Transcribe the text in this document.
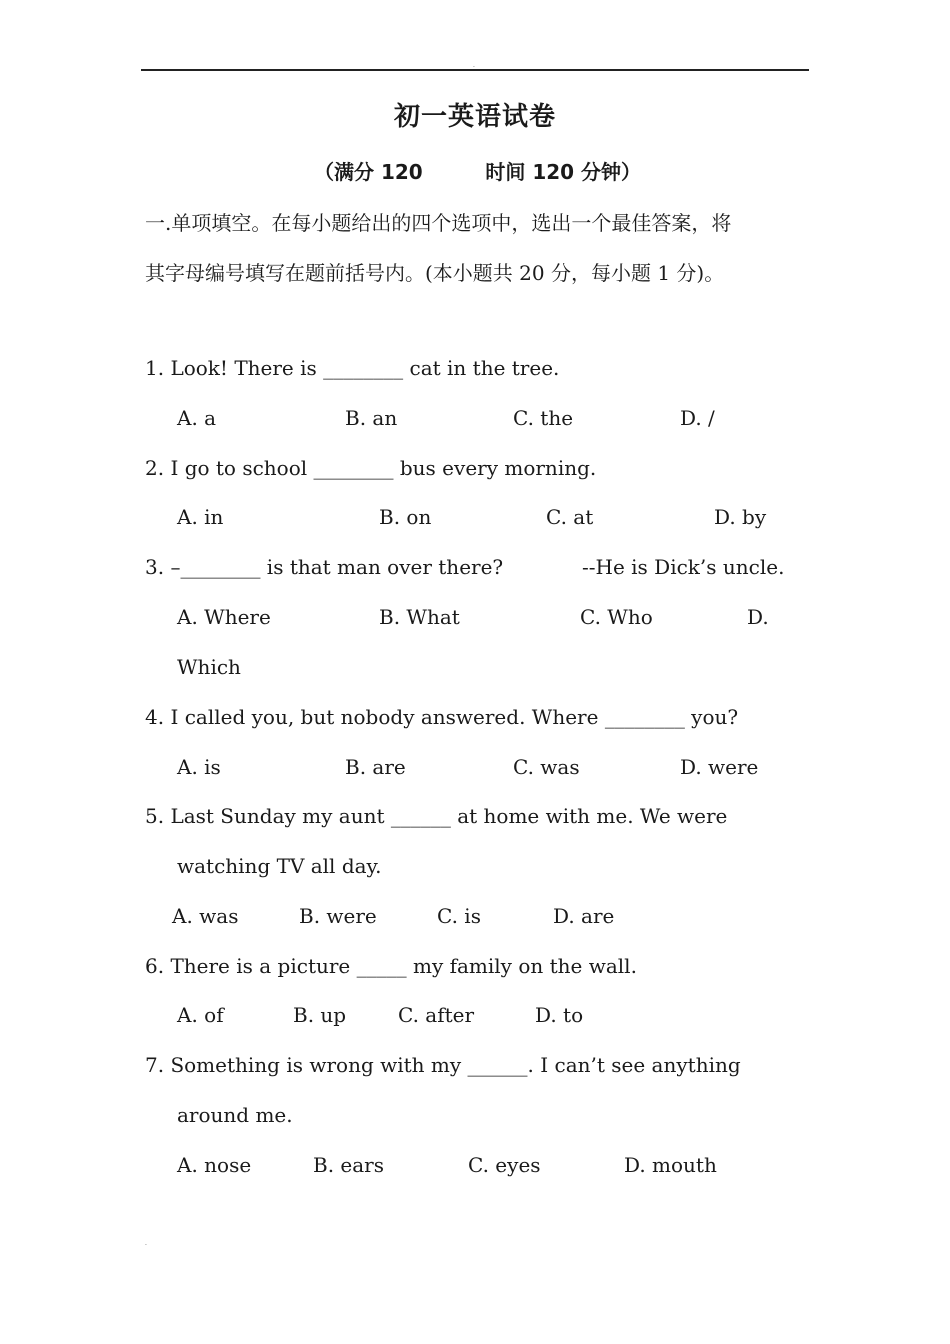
.
初一英语试卷
（满分 120         时间 120 分钟）
一.单项填空。在每小题给出的四个选项中，选出一个最佳答案，将
其字母编号填写在题前括号内。(本小题共 20 分，每小题 1 分)。
1. Look! There is ________ cat in the tree.
A. a	B. an	C. the	D. /
2. I go to school ________ bus every morning.
A. in	B. on	C. at	D. by
3. –________ is that man over there?	--He is Dick’s uncle.
A. Where	B. What	C. Who	D.
Which
4. I called you, but nobody answered. Where ________ you?
A. is	B. are	C. was	D. were
5. Last Sunday my aunt ______ at home with me. We were
watching TV all day.
A. was	B. were	C. is	D. are
6. There is a picture _____ my family on the wall.
A. of	B. up	C. after	D. to
7. Something is wrong with my ______. I can’t see anything
around me.
A. nose	B. ears	C. eyes	D. mouth
.
